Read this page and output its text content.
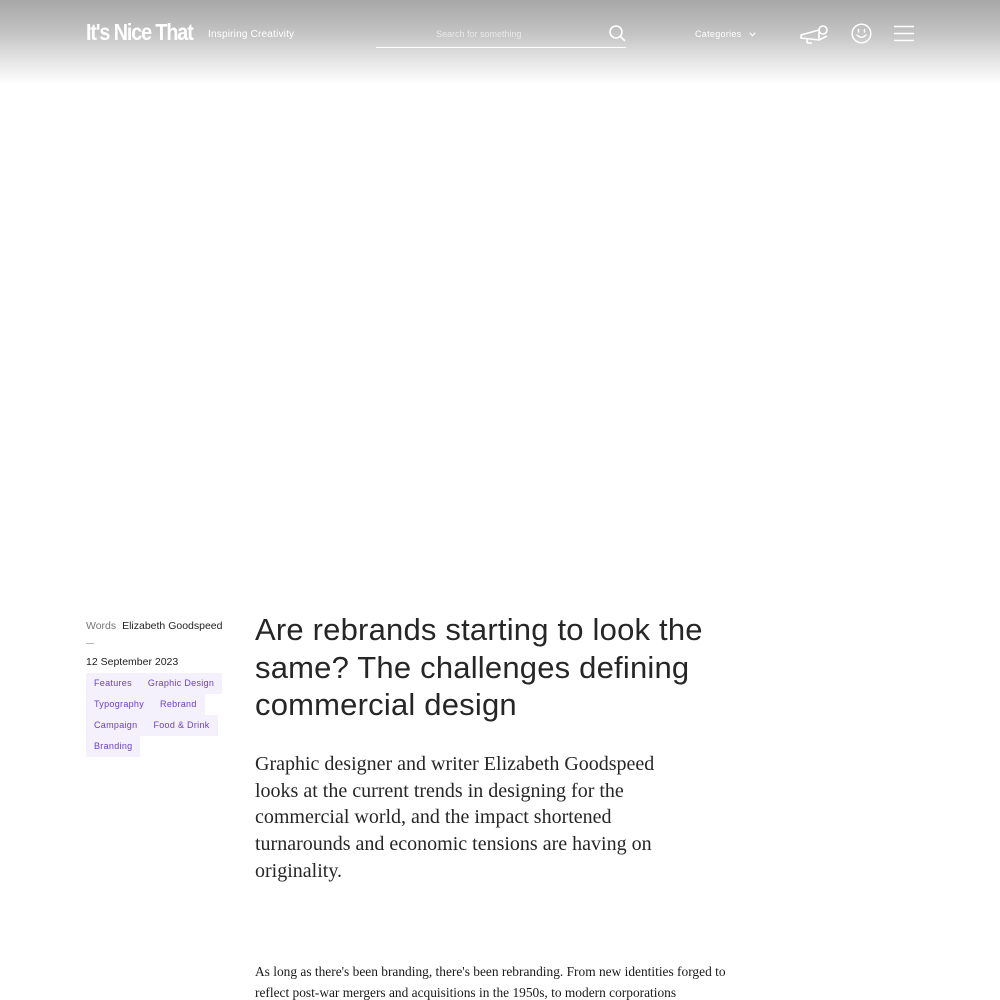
It's Nice That Inspiring Creativity
Search for something	Categories
Words Elizabeth Goodspeed
12 September 2023
Features	Graphic Design
Typography	Rebrand
Campaign	Food & Drink
Branding
Are rebrands starting to look the same? The challenges defining commercial design

Graphic designer and writer Elizabeth Goodspeed looks at the current trends in designing for the commercial world, and the impact shortened turnarounds and economic tensions are having on originality.

As long as there's been branding, there's been rebranding. From new identities forged to reflect post-war mergers and acquisitions in the 1950s, to modern corporations
